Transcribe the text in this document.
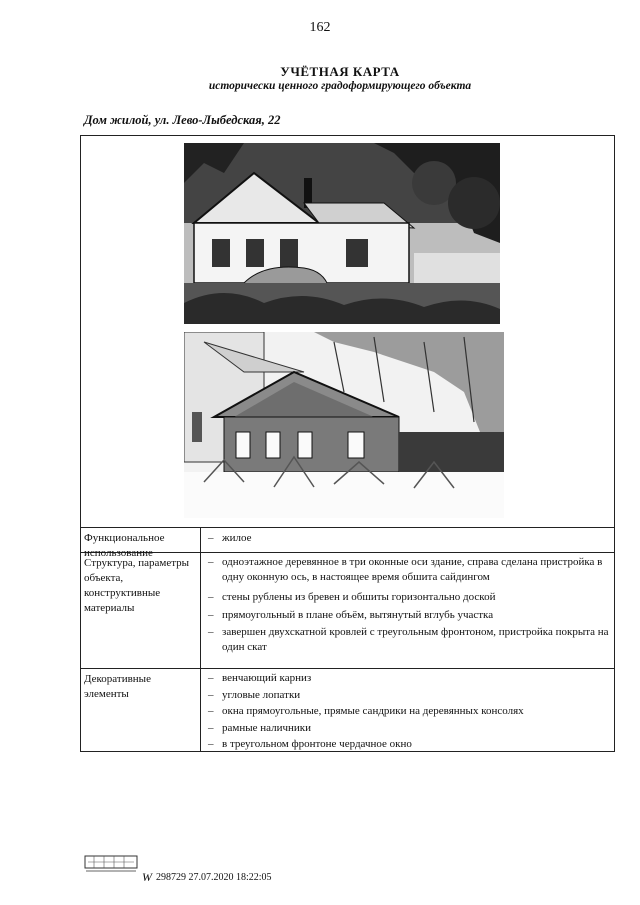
162
УЧЁТНАЯ КАРТА
исторически ценного градоформирующего объекта
Дом жилой, ул. Лево-Лыбедская, 22
Функциональное использование
– жилое
Структура, параметры объекта, конструктивные материалы
– одноэтажное деревянное в три оконные оси здание, справа сделана пристройка в одну оконную ось, в настоящее время обшита сайдингом
– стены рублены из бревен и обшиты горизонтально доской
– прямоугольный в плане объём, вытянутый вглубь участка
– завершен двухскатной кровлей с треугольным фронтоном, пристройка покрыта на один скат
Декоративные элементы
– венчающий карниз
– угловые лопатки
– окна прямоугольные, прямые сандрики на деревянных консолях
– рамные наличники
– в треугольном фронтоне чердачное окно
W 298729 27.07.2020 18:22:05
